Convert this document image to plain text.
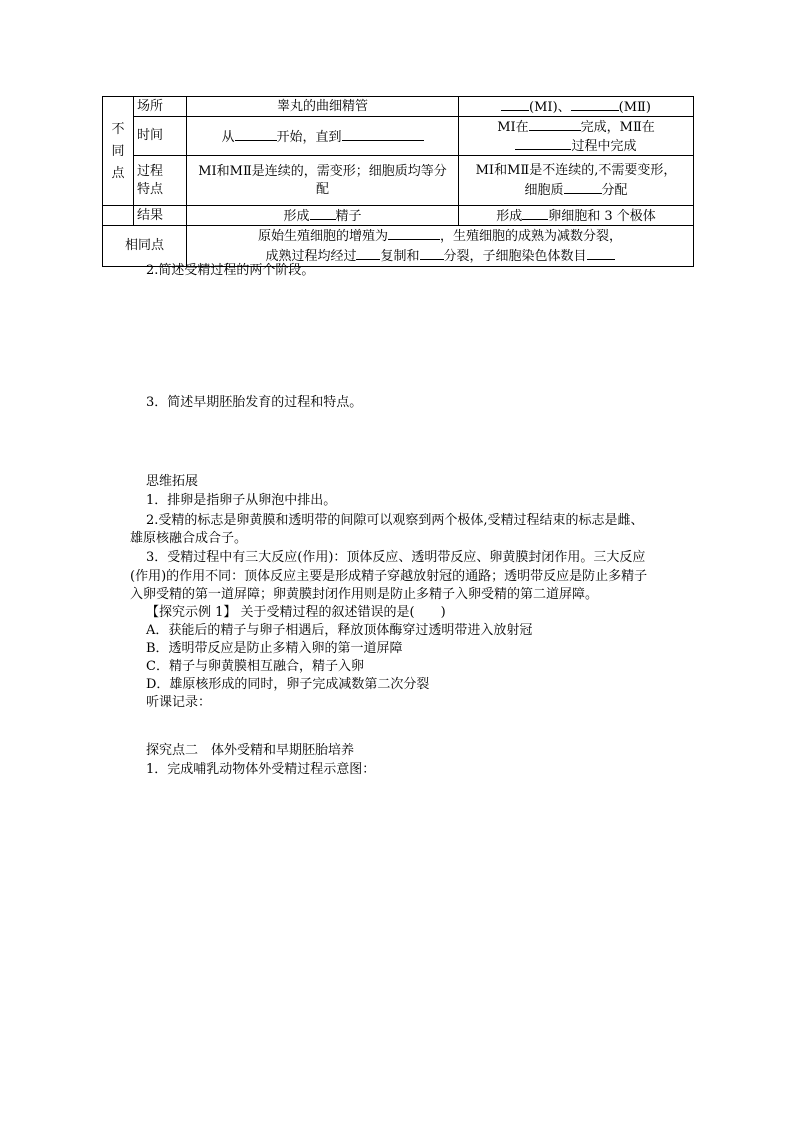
不同点	场所	睾丸的曲细精管	(MⅠ)、 (MⅡ)
	时间	从 开始，直到	MⅠ在 完成，MⅡ在
过程中完成

	过程特点	MⅠ和MⅡ是连续的，需变形；细胞质均等分配	MⅠ和MⅡ是不连续的,不需要变形，
细胞质 分配
	结果	形成 精子	形成 卵细胞和 3 个极体
相同点		原始生殖细胞的增殖为 ，生殖细胞的成熟为减数分裂，
成熟过程均经过 复制和 分裂，子细胞染色体数目	
2.简述受精过程的两个阶段。
3．简述早期胚胎发育的过程和特点。
思维拓展
1．排卵是指卵子从卵泡中排出。
2.受精的标志是卵黄膜和透明带的间隙可以观察到两个极体,受精过程结束的标志是雌、
雄原核融合成合子。
3．受精过程中有三大反应(作用)：顶体反应、透明带反应、卵黄膜封闭作用。三大反应
(作用)的作用不同：顶体反应主要是形成精子穿越放射冠的通路；透明带反应是防止多精子
入卵受精的第一道屏障；卵黄膜封闭作用则是防止多精子入卵受精的第二道屏障。
【探究示例 1】 关于受精过程的叙述错误的是(　　)
A．获能后的精子与卵子相遇后，释放顶体酶穿过透明带进入放射冠
B．透明带反应是防止多精入卵的第一道屏障
C．精子与卵黄膜相互融合，精子入卵
D．雄原核形成的同时，卵子完成减数第二次分裂
听课记录：
探究点二　体外受精和早期胚胎培养
1．完成哺乳动物体外受精过程示意图：
